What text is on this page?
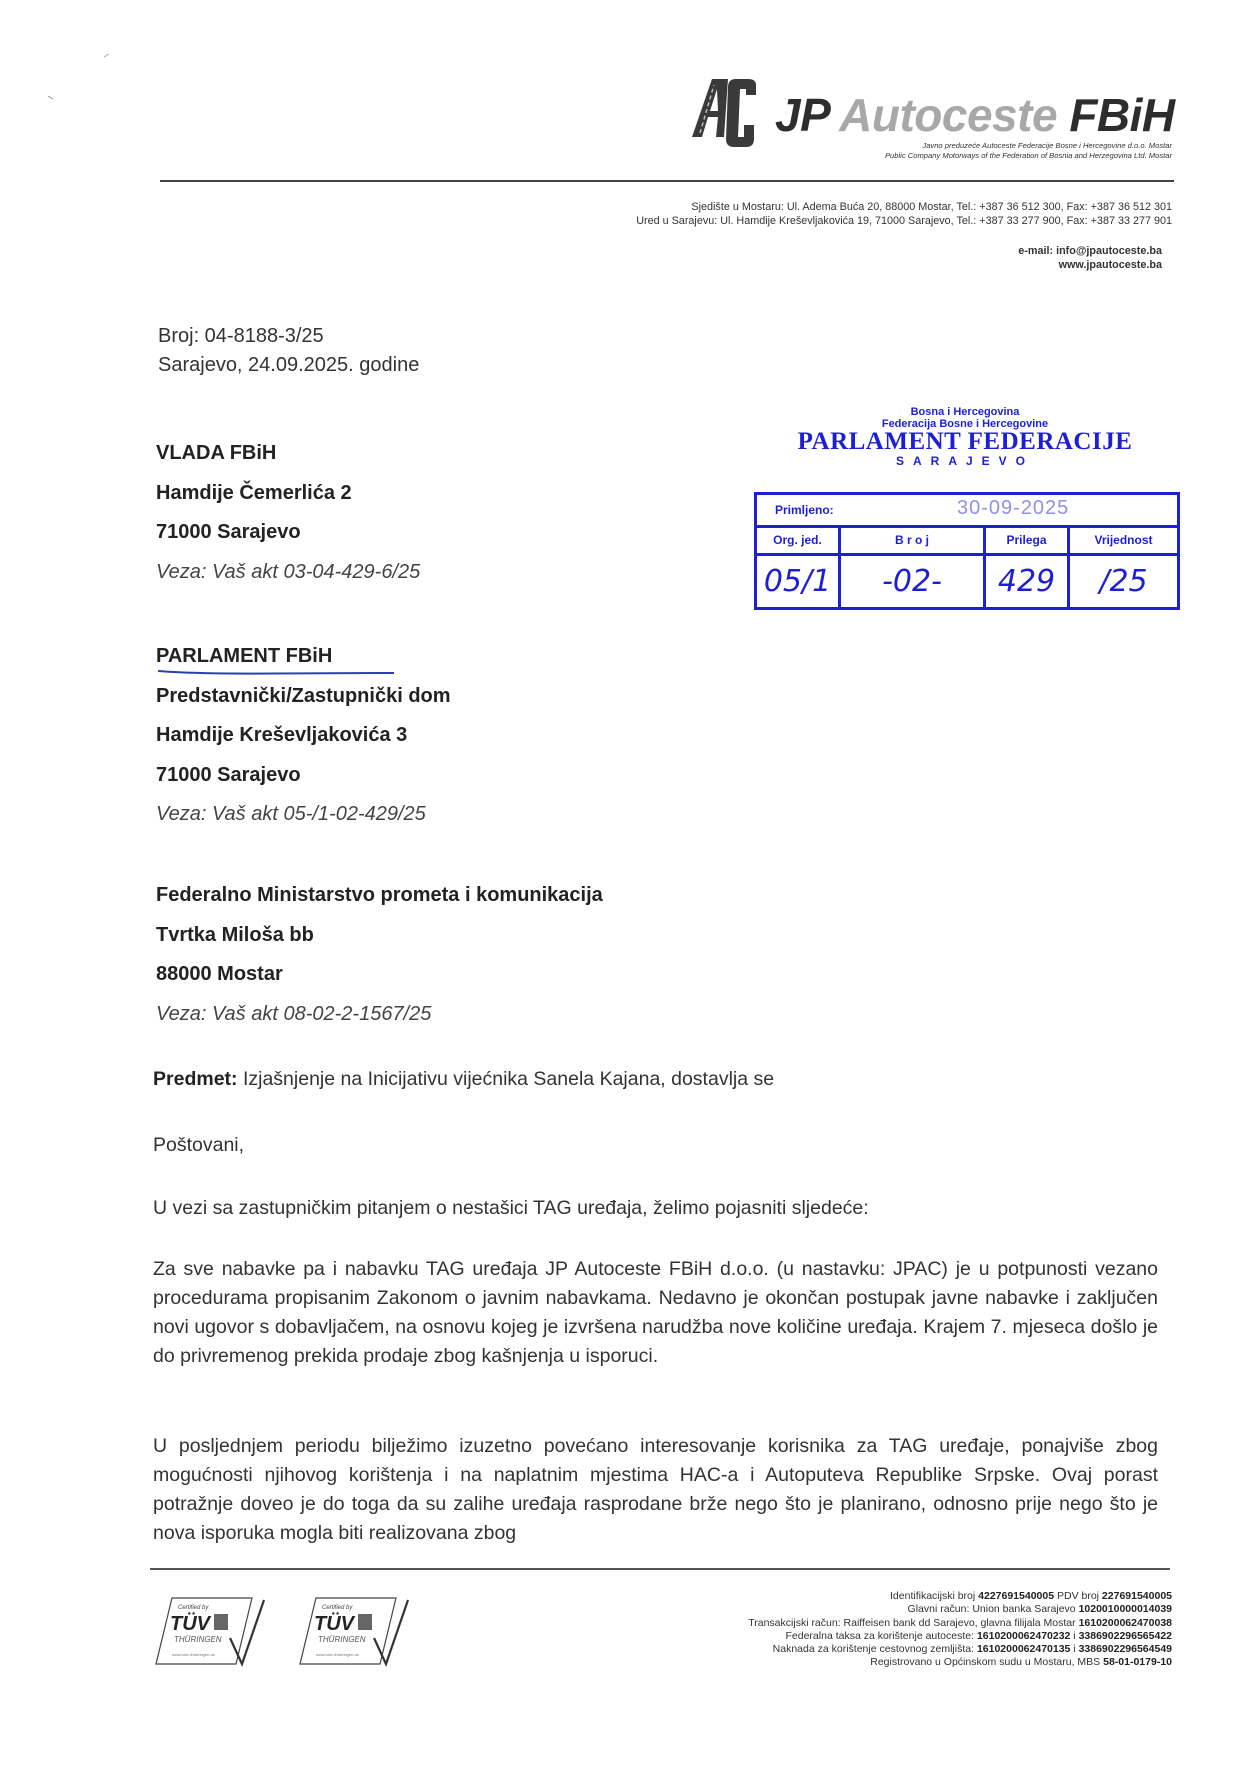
JP Autoceste FBiH
Javno preduzeće Autoceste Federacije Bosne i Hercegovine d.o.o. Mostar
Public Company Motorways of the Federation of Bosnia and Herzegovina Ltd. Mostar
Sjedište u Mostaru: Ul. Adema Buća 20, 88000 Mostar, Tel.: +387 36 512 300, Fax: +387 36 512 301
Ured u Sarajevu: Ul. Hamdije Kreševljakovića 19, 71000 Sarajevo, Tel.: +387 33 277 900, Fax: +387 33 277 901
e-mail: info@jpautoceste.ba
www.jpautoceste.ba
Broj: 04-8188-3/25
Sarajevo, 24.09.2025. godine
VLADA FBiH
Hamdije Čemerlića 2
71000 Sarajevo
Veza: Vaš akt 03-04-429-6/25
PARLAMENT FBiH
Predstavnički/Zastupnički dom
Hamdije Kreševljakovića 3
71000 Sarajevo
Veza: Vaš akt 05-/1-02-429/25
Federalno Ministarstvo prometa i komunikacija
Tvrtka Miloša bb
88000 Mostar
Veza: Vaš akt 08-02-2-1567/25
Bosna i Hercegovina
Federacija Bosne i Hercegovine
PARLAMENT FEDERACIJE
SARAJEVO
Primljeno:	30-09-2025
Org. jed.
05/1
B r o j
-02-
Prilega
429
Vrijednost
/25
Predmet: Izjašnjenje na Inicijativu vijećnika Sanela Kajana, dostavlja se
Poštovani,
U vezi sa zastupničkim pitanjem o nestašici TAG uređaja, želimo pojasniti sljedeće:
Za sve nabavke pa i nabavku TAG uređaja JP Autoceste FBiH d.o.o. (u nastavku: JPAC) je u potpunosti vezano procedurama propisanim Zakonom o javnim nabavkama. Nedavno je okončan postupak javne nabavke i zaključen novi ugovor s dobavljačem, na osnovu kojeg je izvršena narudžba nove količine uređaja. Krajem 7. mjeseca došlo je do privremenog prekida prodaje zbog kašnjenja u isporuci.
U posljednjem periodu bilježimo izuzetno povećano interesovanje korisnika za TAG uređaje, ponajviše zbog mogućnosti njihovog korištenja i na naplatnim mjestima HAC-a i Autoputeva Republike Srpske. Ovaj porast potražnje doveo je do toga da su zalihe uređaja rasprodane brže nego što je planirano, odnosno prije nego što je nova isporuka mogla biti realizovana zbog
Certified by
TÜV
THÜRINGEN
www.tuev-thueringen.de
Certified by
TÜV
THÜRINGEN
www.tuev-thueringen.de
Identifikacijski broj 4227691540005 PDV broj 227691540005
Glavni račun: Union banka Sarajevo 1020010000014039
Transakcijski račun: Raiffeisen bank dd Sarajevo, glavna filijala Mostar 1610200062470038
Federalna taksa za korištenje autoceste: 1610200062470232 i 3386902296565422
Naknada za korištenje cestovnog zemljišta: 1610200062470135 i 3386902296564549
Registrovano u Općinskom sudu u Mostaru, MBS 58-01-0179-10
